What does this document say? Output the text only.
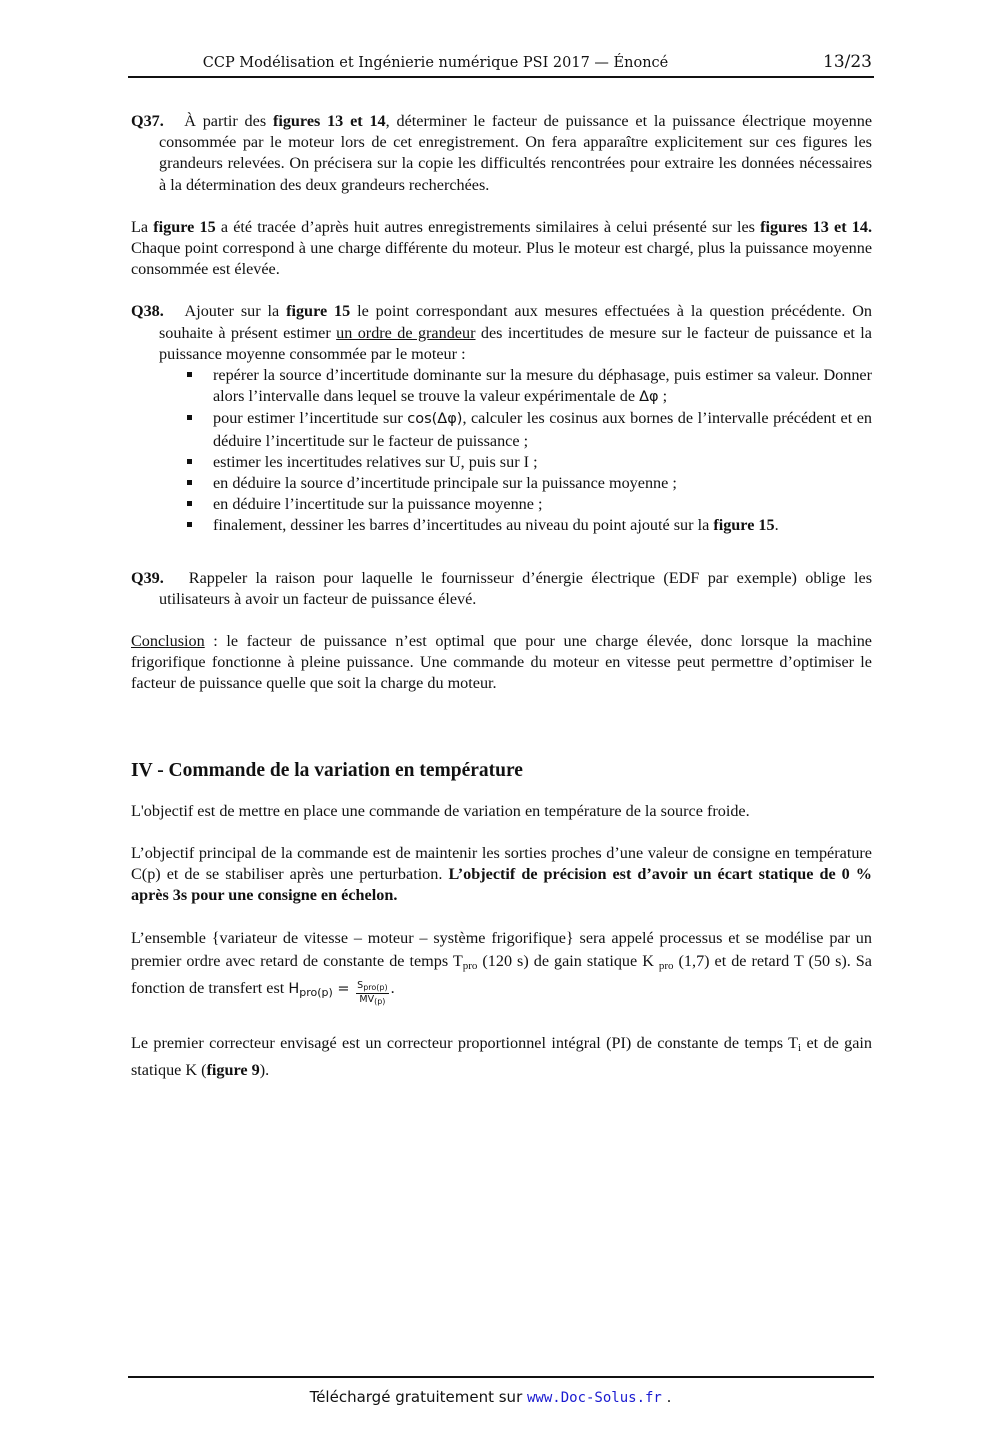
CCP Modélisation et Ingénierie numérique PSI 2017 — Énoncé	13/23

Q37. À partir des figures 13 et 14, déterminer le facteur de puissance et la puissance électrique moyenne consommée par le moteur lors de cet enregistrement. On fera apparaître explicitement sur ces figures les grandeurs relevées. On précisera sur la copie les difficultés rencontrées pour extraire les données nécessaires à la détermination des deux grandeurs recherchées.

La figure 15 a été tracée d’après huit autres enregistrements similaires à celui présenté sur les figures 13 et 14. Chaque point correspond à une charge différente du moteur. Plus le moteur est chargé, plus la puissance moyenne consommée est élevée.

Q38. Ajouter sur la figure 15 le point correspondant aux mesures effectuées à la question précédente. On souhaite à présent estimer un ordre de grandeur des incertitudes de mesure sur le facteur de puissance et la puissance moyenne consommée par le moteur :

repérer la source d’incertitude dominante sur la mesure du déphasage, puis estimer sa valeur. Donner alors l’intervalle dans lequel se trouve la valeur expérimentale de Δφ ;
pour estimer l’incertitude sur cos(Δφ), calculer les cosinus aux bornes de l’intervalle précédent et en déduire l’incertitude sur le facteur de puissance ;
estimer les incertitudes relatives sur U, puis sur I ;
en déduire la source d’incertitude principale sur la puissance moyenne ;
en déduire l’incertitude sur la puissance moyenne ;
finalement, dessiner les barres d’incertitudes au niveau du point ajouté sur la figure 15.

Q39. Rappeler la raison pour laquelle le fournisseur d’énergie électrique (EDF par exemple) oblige les utilisateurs à avoir un facteur de puissance élevé.

Conclusion : le facteur de puissance n’est optimal que pour une charge élevée, donc lorsque la machine frigorifique fonctionne à pleine puissance. Une commande du moteur en vitesse peut permettre d’optimiser le facteur de puissance quelle que soit la charge du moteur.

IV - Commande de la variation en température

L'objectif est de mettre en place une commande de variation en température de la source froide.

L’objectif principal de la commande est de maintenir les sorties proches d’une valeur de consigne en température C(p) et de se stabiliser après une perturbation. L’objectif de précision est d’avoir un écart statique de 0 % après 3s pour une consigne en échelon.

L’ensemble {variateur de vitesse – moteur – système frigorifique} sera appelé processus et se modélise par un premier ordre avec retard de constante de temps $T_{pro}$ (120 s) de gain statique K $_{pro}$ (1,7) et de retard T (50 s). Sa fonction de transfert est $H_{pro(p)} = \frac{S_{pro(p)}}{MV_{(p)}}$ .

Le premier correcteur envisagé est un correcteur proportionnel intégral (PI) de constante de temps $T_i$ et de gain statique K (figure 9).

Téléchargé gratuitement sur www.Doc-Solus.fr .
